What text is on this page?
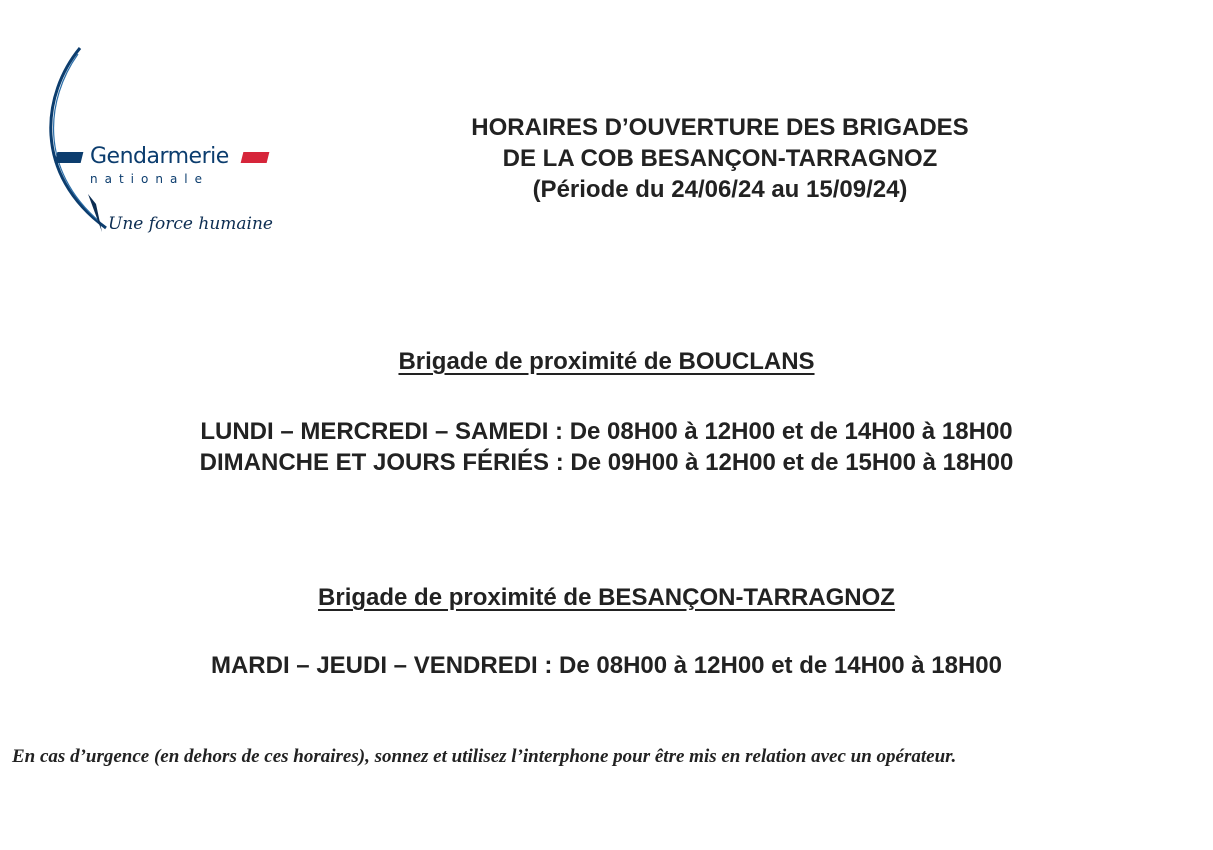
Gendarmerie
nationale
Une force humaine
HORAIRES D’OUVERTURE DES BRIGADES
DE LA COB BESANÇON-TARRAGNOZ
(Période du 24/06/24 au 15/09/24)
Brigade de proximité de BOUCLANS
LUNDI – MERCREDI – SAMEDI : De 08H00 à 12H00 et de 14H00 à 18H00
DIMANCHE ET JOURS FÉRIÉS : De 09H00 à 12H00 et de 15H00 à 18H00
Brigade de proximité de BESANÇON-TARRAGNOZ
MARDI – JEUDI – VENDREDI : De 08H00 à 12H00 et de 14H00 à 18H00
En cas d’urgence (en dehors de ces horaires), sonnez et utilisez l’interphone pour être mis en relation avec un opérateur.
